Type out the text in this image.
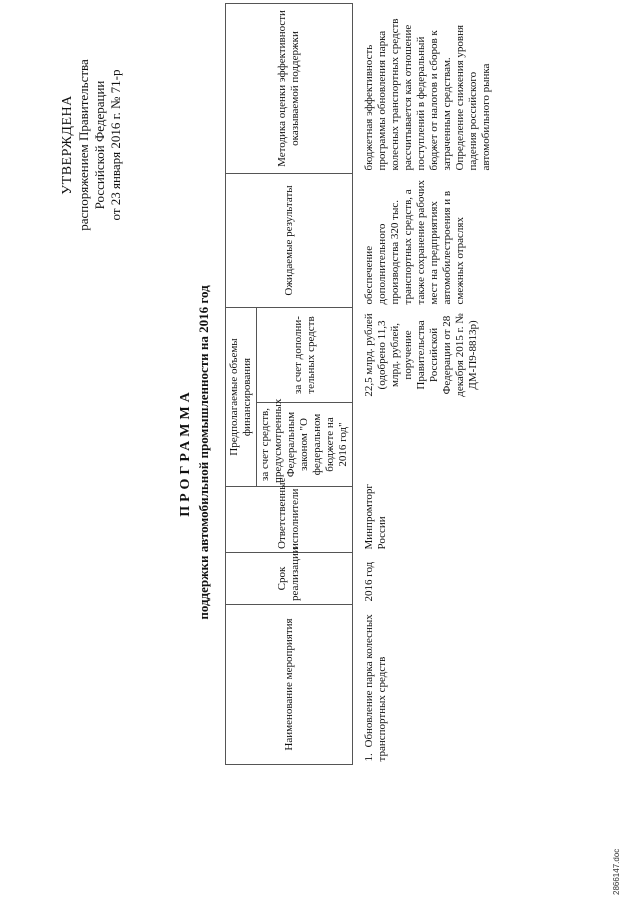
УТВЕРЖДЕНА распоряжением Правительства Российской Федерации от 23 января 2016 г. № 71-р
ПРОГРАММА поддержки автомобильной промышленности на 2016 год
Наименование мероприятия	Срок реализации	Ответственные исполнители	Предполагаемые объемы финансирования		Ожидаемые результаты	Методика оценки эффективности оказываемой поддержки
			за счет средств, предусмотренных Федеральным законом "О федеральном бюджете на 2016 год"	за счет дополни-тельных средств		
1.Обновление парка колесных транспортных средств	2016 год	Минпромторг России		22,5 млрд. рублей (одобрено 11,3 млрд. рублей, поручение Правительства Российской Федерации от 28 декабря 2015 г. № ДМ-П9-8813р)	обеспечение дополнительного производства 320 тыс. транспортных средств, а также сохранение рабочих мест на предприятиях автомобилестроения и в смежных отраслях	бюджетная эффективность программы обновления парка колесных транспортных средств рассчитывается как отношение поступлений в федеральный бюджет от налогов и сборов к затраченным средствам. Определение снижения уровня падения российского автомобильного рынка
2866147.doc
